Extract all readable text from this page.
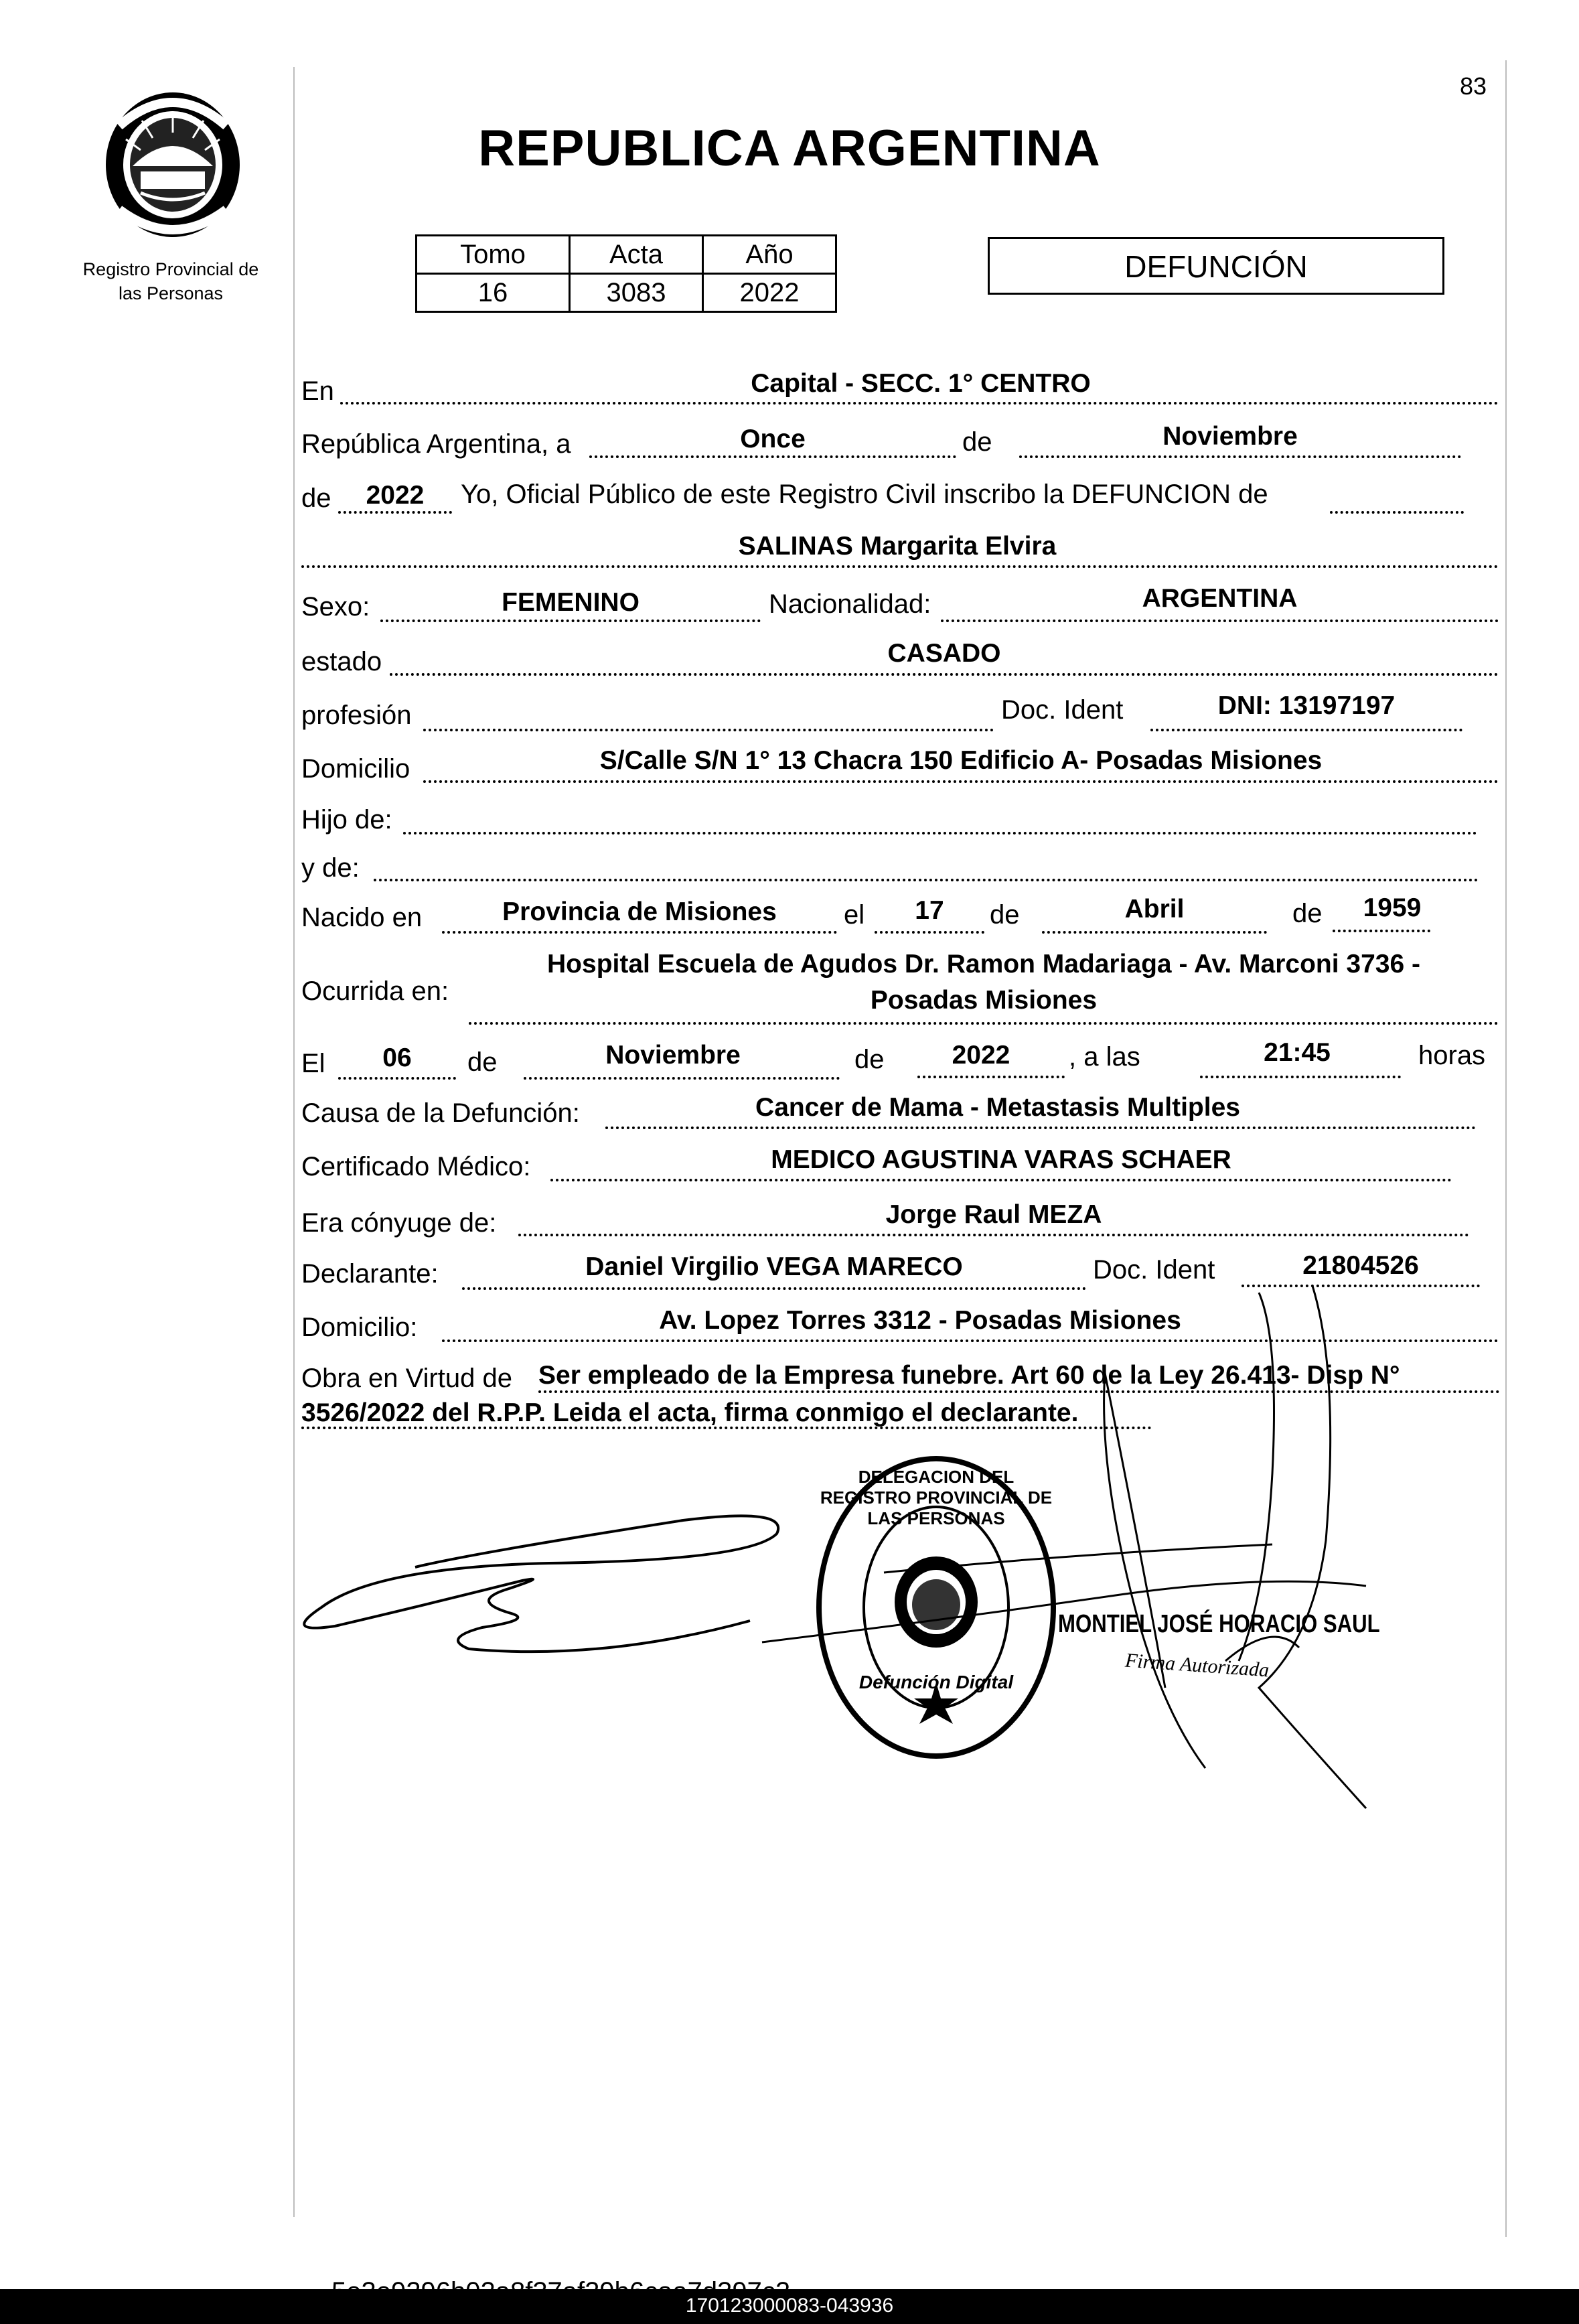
83
Registro Provincial de
las Personas
REPUBLICA ARGENTINA
Tomo	Acta	Año
16	3083	2022
DEFUNCIÓN
En	Capital - SECC. 1° CENTRO
República Argentina, a	Once	de	Noviembre
de	2022	Yo, Oficial Público de este Registro Civil inscribo la DEFUNCION de
SALINAS Margarita Elvira
Sexo:	FEMENINO	Nacionalidad:	ARGENTINA
estado	CASADO
profesión	Doc. Ident	DNI: 13197197
Domicilio	S/Calle S/N 1° 13 Chacra 150 Edificio A- Posadas Misiones
Hijo de:
y de:
Nacido en	Provincia de Misiones	el	17	de	Abril	de	1959
Ocurrida en:
Hospital Escuela de Agudos Dr. Ramon Madariaga - Av. Marconi 3736 -
Posadas Misiones
El	06	de	Noviembre	de	2022	, a las	21:45	horas
Causa de la Defunción:	Cancer de Mama - Metastasis Multiples
Certificado Médico:	MEDICO AGUSTINA VARAS SCHAER
Era cónyuge de:	Jorge Raul MEZA
Declarante:	Daniel Virgilio VEGA MARECO	Doc. Ident	21804526
Domicilio:	Av. Lopez Torres 3312 - Posadas Misiones
Obra en Virtud de Ser empleado de la Empresa funebre. Art 60 de la Ley 26.413- Disp N°
3526/2022 del R.P.P. Leida el acta, firma conmigo el declarante.
DELEGACION DEL REGISTRO PROVINCIAL DE LAS PERSONAS
Defunción Digital
MONTIEL JOSÉ HORACIO SAUL
Firma Autorizada
170123000083-043936
